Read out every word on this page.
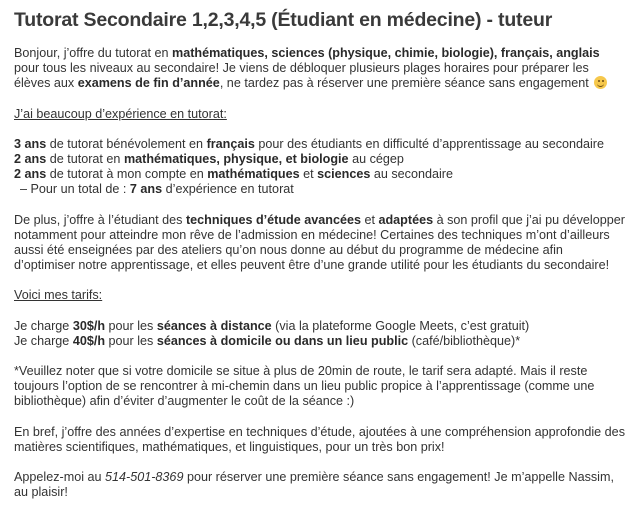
Tutorat Secondaire 1,2,3,4,5 (Étudiant en médecine) - tuteur

Bonjour, j’offre du tutorat en mathématiques, sciences (physique, chimie, biologie), français, anglais pour tous les niveaux au secondaire! Je viens de débloquer plusieurs plages horaires pour préparer les élèves aux examens de fin d’année, ne tardez pas à réserver une première séance sans engagement

J’ai beaucoup d’expérience en tutorat:

3 ans de tutorat bénévolement en français pour des étudiants en difficulté d’apprentissage au secondaire

2 ans de tutorat en mathématiques, physique, et biologie au cégep

2 ans de tutorat à mon compte en mathématiques et sciences au secondaire

– Pour un total de : 7 ans d’expérience en tutorat

De plus, j’offre à l’étudiant des techniques d’étude avancées et adaptées à son profil que j’ai pu développer notamment pour atteindre mon rêve de l’admission en médecine! Certaines des techniques m’ont d’ailleurs aussi été enseignées par des ateliers qu’on nous donne au début du programme de médecine afin d’optimiser notre apprentissage, et elles peuvent être d’une grande utilité pour les étudiants du secondaire!

Voici mes tarifs:

Je charge 30$/h pour les séances à distance (via la plateforme Google Meets, c’est gratuit)

Je charge 40$/h pour les séances à domicile ou dans un lieu public (café/bibliothèque)*

*Veuillez noter que si votre domicile se situe à plus de 20min de route, le tarif sera adapté. Mais il reste toujours l’option de se rencontrer à mi-chemin dans un lieu public propice à l’apprentissage (comme une bibliothèque) afin d’éviter d’augmenter le coût de la séance :)

En bref, j’offre des années d’expertise en techniques d’étude, ajoutées à une compréhension approfondie des matières scientifiques, mathématiques, et linguistiques, pour un très bon prix!

Appelez-moi au 514-501-8369 pour réserver une première séance sans engagement! Je m’appelle Nassim, au plaisir!
